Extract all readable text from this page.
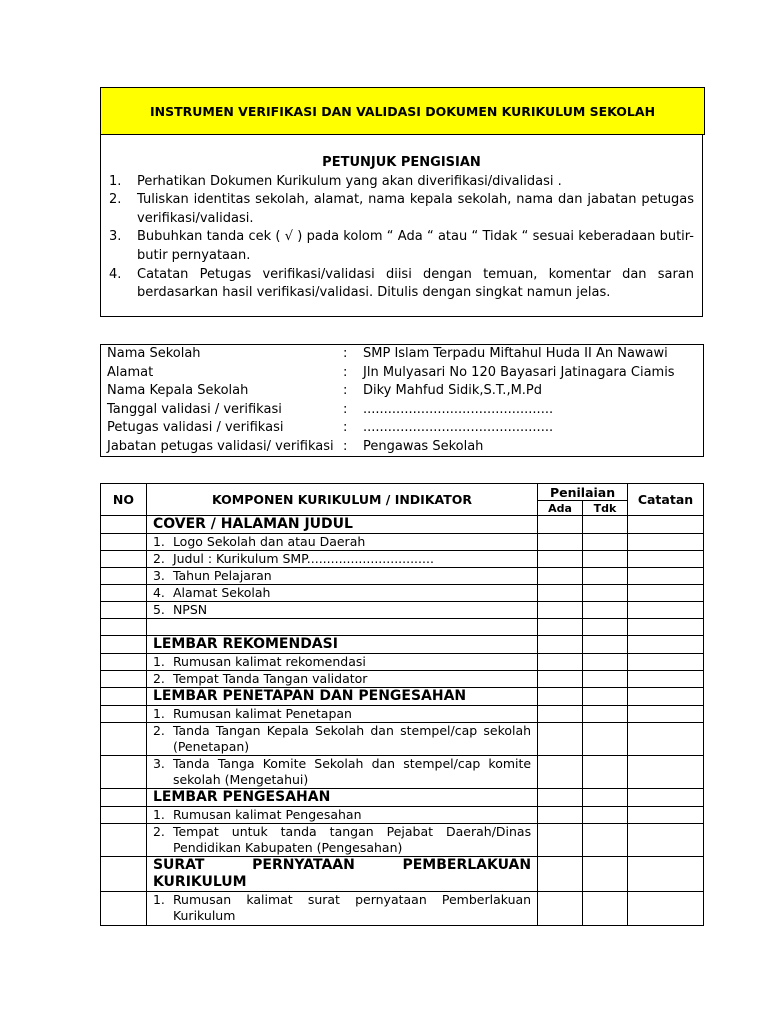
INSTRUMEN VERIFIKASI DAN VALIDASI DOKUMEN KURIKULUM SEKOLAH
PETUNJUK PENGISIAN
1.	Perhatikan Dokumen Kurikulum yang akan diverifikasi/divalidasi .
2.	Tuliskan identitas sekolah, alamat, nama kepala sekolah, nama dan jabatan petugas verifikasi/validasi.
3.	Bubuhkan tanda cek ( √ ) pada kolom “ Ada “ atau “ Tidak “ sesuai keberadaan butir-butir pernyataan.
4.	Catatan Petugas verifikasi/validasi diisi dengan temuan, komentar dan saran berdasarkan hasil verifikasi/validasi. Ditulis dengan singkat namun jelas.
Nama Sekolah	:	SMP Islam Terpadu Miftahul Huda II An Nawawi
Alamat	:	Jln Mulyasari No 120 Bayasari Jatinagara Ciamis
Nama Kepala Sekolah	:	Diky Mahfud Sidik,S.T.,M.Pd
Tanggal validasi / verifikasi	:	..............................................
Petugas validasi / verifikasi	:	..............................................
Jabatan petugas validasi/ verifikasi :	Pengawas Sekolah
NO	KOMPONEN KURIKULUM / INDIKATOR	Penilaian		Catatan
		Ada	Tdk	

	COVER / HALAMAN JUDUL			

	1. Logo Sekolah dan atau Daerah			

	2. Judul : Kurikulum SMP................................			

	3. Tahun Pelajaran			

	4. Alamat Sekolah			

	5. NPSN			

	LEMBAR REKOMENDASI			

	1. Rumusan kalimat rekomendasi			

	2. Tempat Tanda Tangan validator			

	LEMBAR PENETAPAN DAN PENGESAHAN			

	1. Rumusan kalimat Penetapan			

	2. Tanda Tangan Kepala Sekolah dan stempel/cap sekolah (Penetapan)			

	3. Tanda Tanga Komite Sekolah dan stempel/cap komite sekolah (Mengetahui)			

	LEMBAR PENGESAHAN			

	1. Rumusan kalimat Pengesahan			

	2. Tempat untuk tanda tangan Pejabat Daerah/Dinas Pendidikan Kabupaten (Pengesahan)			

	SURAT PERNYATAAN PEMBERLAKUAN KURIKULUM			

	1. Rumusan kalimat surat pernyataan Pemberlakuan Kurikulum			
